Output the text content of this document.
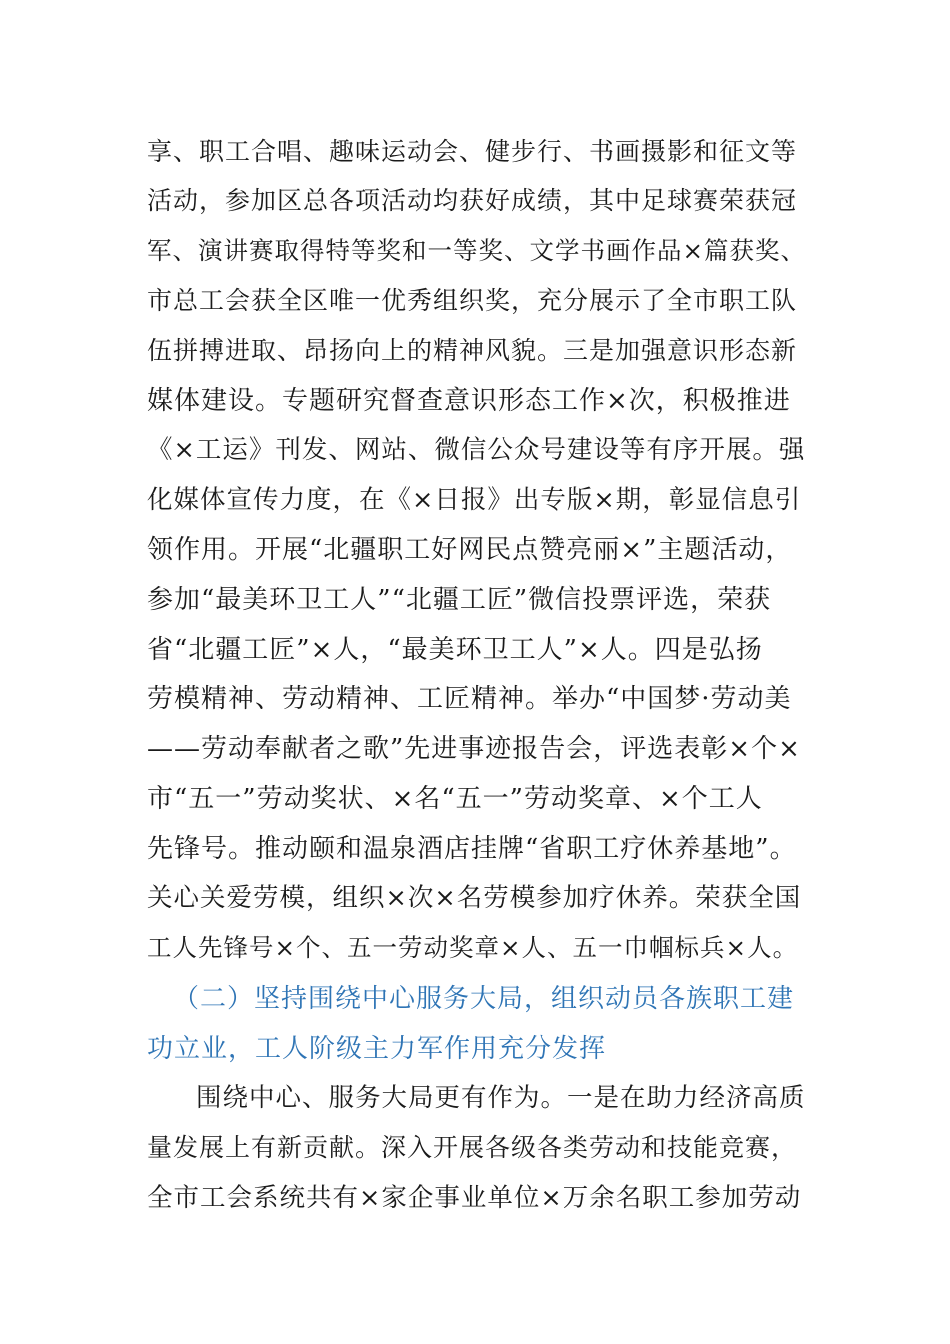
享、职工合唱、趣味运动会、健步行、书画摄影和征文等
活动，参加区总各项活动均获好成绩，其中足球赛荣获冠
军、演讲赛取得特等奖和一等奖、文学书画作品×篇获奖、
市总工会获全区唯一优秀组织奖，充分展示了全市职工队
伍拼搏进取、昂扬向上的精神风貌。三是加强意识形态新
媒体建设。专题研究督查意识形态工作×次，积极推进
《×工运》刊发、网站、微信公众号建设等有序开展。强
化媒体宣传力度，在《×日报》出专版×期，彰显信息引
领作用。开展“北疆职工好网民点赞亮丽×”主题活动，
参加“最美环卫工人”“北疆工匠”微信投票评选，荣获
省“北疆工匠”×人，“最美环卫工人”×人。四是弘扬
劳模精神、劳动精神、工匠精神。举办“中国梦·劳动美
——劳动奉献者之歌”先进事迹报告会，评选表彰×个×
市“五一”劳动奖状、×名“五一”劳动奖章、×个工人
先锋号。推动颐和温泉酒店挂牌“省职工疗休养基地”。
关心关爱劳模，组织×次×名劳模参加疗休养。荣获全国
工人先锋号×个、五一劳动奖章×人、五一巾帼标兵×人。
（二）坚持围绕中心服务大局，组织动员各族职工建
功立业，工人阶级主力军作用充分发挥
围绕中心、服务大局更有作为。一是在助力经济高质
量发展上有新贡献。深入开展各级各类劳动和技能竞赛，
全市工会系统共有×家企事业单位×万余名职工参加劳动
